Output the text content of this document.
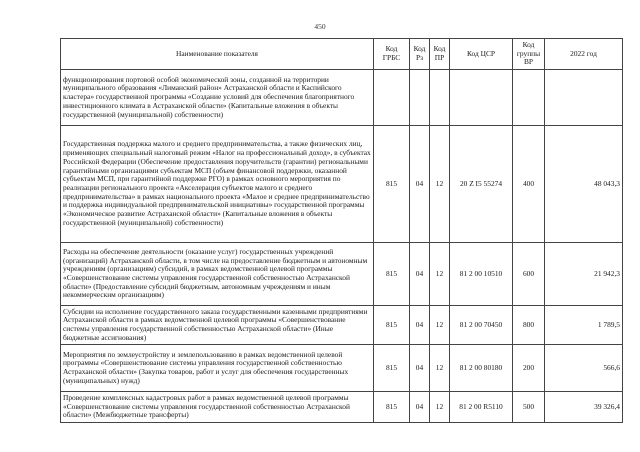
450
Наименование показателя	Код ГРБС	Код Рз	Код ПР	Код ЦСР	Код группы ВР	2022 год
функционирования портовой особой экономической зоны, созданной на территории муниципального образования «Лиманский район» Астраханской области и Каспийского кластера» государственной программы «Создание условий для обеспечения благоприятного инвестиционного климата в Астраханской области» (Капитальные вложения в объекты государственной (муниципальной) собственности)						
Государственная поддержка малого и среднего предпринимательства, а также физических лиц, применяющих специальный налоговый режим «Налог на профессиональный доход», в субъектах Российской Федерации (Обеспечение предоставления поручительств (гарантии) региональными гарантийными организациями субъектам МСП (объем финансовой поддержки, оказанной субъектам МСП, при гарантийной поддержке РГО) в рамках основного мероприятия по реализации регионального проекта «Акселерация субъектов малого и среднего предпринимательства» в рамках национального проекта «Малое и среднее предпринимательство и поддержка индивидуальной предпринимательской инициативы» государственной программы «Экономическое развитие Астраханской области» (Капитальные вложения в объекты государственной (муниципальной) собственности)	815	04	12	20 Z I5 55274	400	48 043,3
Расходы на обеспечение деятельности (оказание услуг) государственных учреждений (организаций) Астраханской области, в том числе на предоставление бюджетным и автономным учреждениям (организациям) субсидий, в рамках ведомственной целевой программы «Совершенствование системы управления государственной собственностью Астраханской области» (Предоставление субсидий бюджетным, автономным учреждениям и иным некоммерческим организациям)	815	04	12	81 2 00 10510	600	21 942,3
Субсидии на исполнение государственного заказа государственными казенными предприятиями Астраханской области в рамках ведомственной целевой программы «Совершенствование системы управления государственной собственностью Астраханской области» (Иные бюджетные ассигнования)	815	04	12	81 2 00 70450	800	1 789,5
Мероприятия по землеустройству и землепользованию в рамках ведомственной целевой программы «Совершенствование системы управления государственной собственностью Астраханской области» (Закупка товаров, работ и услуг для обеспечения государственных (муниципальных) нужд)	815	04	12	81 2 00 80180	200	566,6
Проведение комплексных кадастровых работ в рамках ведомственной целевой программы «Совершенствование системы управления государственной собственностью Астраханской области» (Межбюджетные трансферты)	815	04	12	81 2 00 R5110	500	39 326,4
